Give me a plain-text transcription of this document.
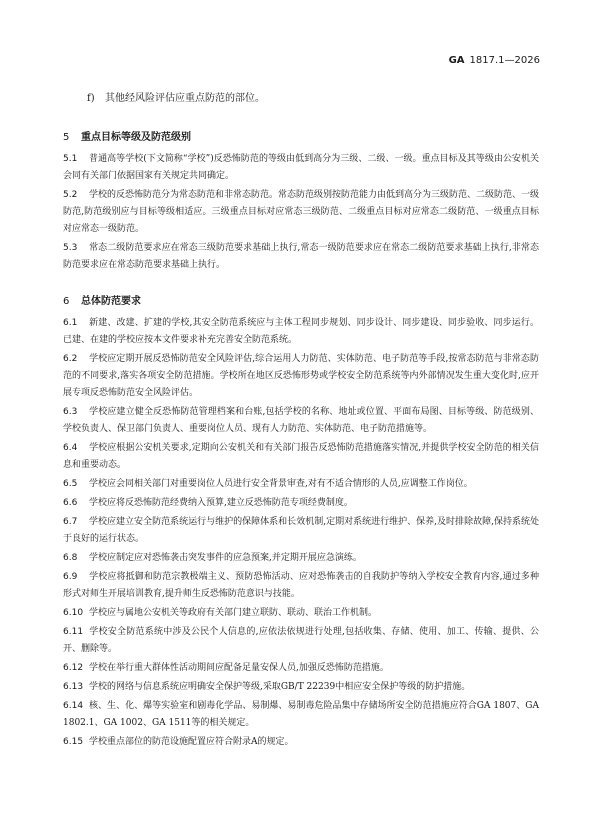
GA 1817.1—2026
f) 其他经风险评估应重点防范的部位。
5 重点目标等级及防范级别

5.1 普通高等学校(下文简称“学校”)反恐怖防范的等级由低到高分为三级、二级、一级。重点目标及其等级由公安机关会同有关部门依据国家有关规定共同确定。

5.2 学校的反恐怖防范分为常态防范和非常态防范。常态防范级别按防范能力由低到高分为三级防范、二级防范、一级防范,防范级别应与目标等级相适应。三级重点目标对应常态三级防范、二级重点目标对应常态二级防范、一级重点目标对应常态一级防范。

5.3 常态二级防范要求应在常态三级防范要求基础上执行,常态一级防范要求应在常态二级防范要求基础上执行,非常态防范要求应在常态防范要求基础上执行。

6 总体防范要求

6.1 新建、改建、扩建的学校,其安全防范系统应与主体工程同步规划、同步设计、同步建设、同步验收、同步运行。已建、在建的学校应按本文件要求补充完善安全防范系统。

6.2 学校应定期开展反恐怖防范安全风险评估,综合运用人力防范、实体防范、电子防范等手段,按常态防范与非常态防范的不同要求,落实各项安全防范措施。学校所在地区反恐怖形势或学校安全防范系统等内外部情况发生重大变化时,应开展专项反恐怖防范安全风险评估。

6.3 学校应建立健全反恐怖防范管理档案和台账,包括学校的名称、地址或位置、平面布局图、目标等级、防范级别、学校负责人、保卫部门负责人、重要岗位人员、现有人力防范、实体防范、电子防范措施等。

6.4 学校应根据公安机关要求,定期向公安机关和有关部门报告反恐怖防范措施落实情况,并提供学校安全防范的相关信息和重要动态。

6.5 学校应会同相关部门对重要岗位人员进行安全背景审查,对有不适合情形的人员,应调整工作岗位。

6.6 学校应将反恐怖防范经费纳入预算,建立反恐怖防范专项经费制度。

6.7 学校应建立安全防范系统运行与维护的保障体系和长效机制,定期对系统进行维护、保养,及时排除故障,保持系统处于良好的运行状态。

6.8 学校应制定应对恐怖袭击突发事件的应急预案,并定期开展应急演练。

6.9 学校应将抵御和防范宗教极端主义、预防恐怖活动、应对恐怖袭击的自我防护等纳入学校安全教育内容,通过多种形式对师生开展培训教育,提升师生反恐怖防范意识与技能。

6.10 学校应与属地公安机关等政府有关部门建立联防、联动、联治工作机制。

6.11 学校安全防范系统中涉及公民个人信息的,应依法依规进行处理,包括收集、存储、使用、加工、传输、提供、公开、删除等。

6.12 学校在举行重大群体性活动期间应配备足量安保人员,加强反恐怖防范措施。

6.13 学校的网络与信息系统应明确安全保护等级,采取GB/T 22239中相应安全保护等级的防护措施。

6.14 核、生、化、爆等实验室和剧毒化学品、易制爆、易制毒危险品集中存储场所安全防范措施应符合GA 1807、GA 1802.1、GA 1002、GA 1511等的相关规定。

6.15 学校重点部位的防范设施配置应符合附录A的规定。
